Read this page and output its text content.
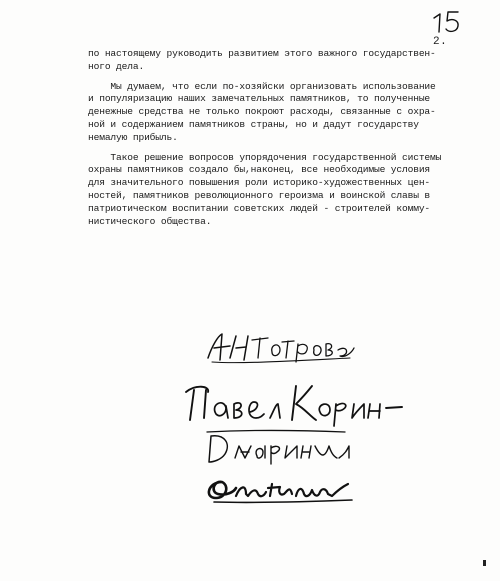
2.

по настоящему руководить развитием этого важного государствен-
ного дела.

Мы думаем, что если по-хозяйски организовать использование
и популяризацию наших замечательных памятников, то полученные
денежные средства не только покроют расходы, связанные с охра-
ной и содержанием памятников страны, но и дадут государству
немалую прибыль.

Такое решение вопросов упорядочения государственной системы
охраны памятников создало бы,наконец, все необходимые условия
для значительного повышения роли историко-художественных цен-
ностей, памятников революционного героизма и воинской славы в
патриотическом воспитании советских людей - строителей комму-
нистического общества.
